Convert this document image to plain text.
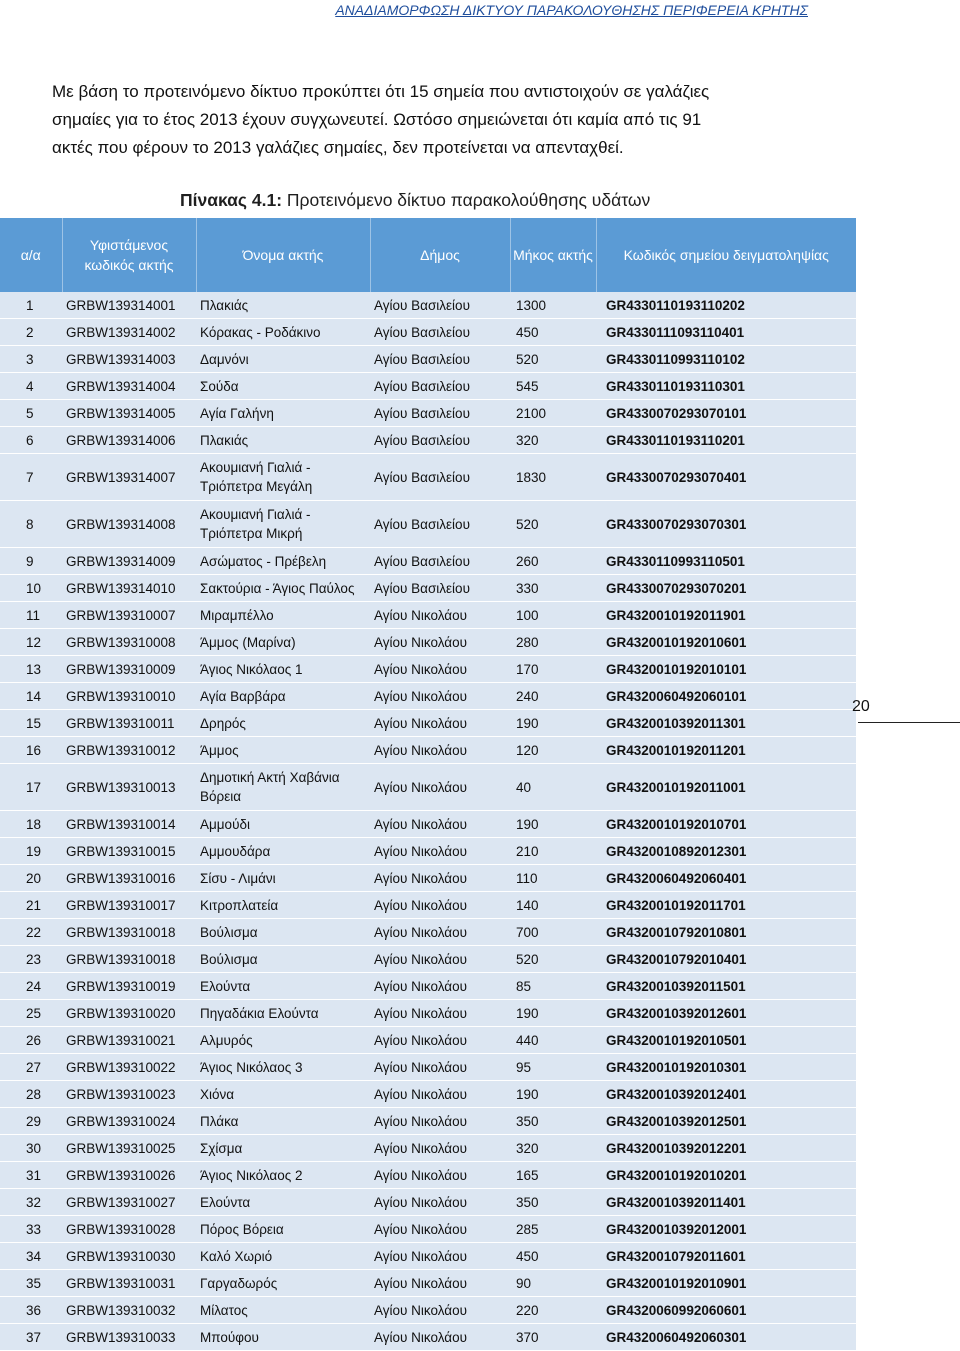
ΑΝΑΔΙΑΜΟΡΦΩΣΗ ΔΙΚΤΥΟΥ ΠΑΡΑΚΟΛΟΥΘΗΣΗΣ ΠΕΡΙΦΕΡΕΙΑ ΚΡΗΤΗΣ

Με βάση το προτεινόμενο δίκτυο προκύπτει ότι 15 σημεία που αντιστοιχούν σε γαλάζιες

σημαίες για το έτος 2013 έχουν συγχωνευτεί. Ωστόσο σημειώνεται ότι καμία από τις 91

ακτές που φέρουν το 2013 γαλάζιες σημαίες, δεν προτείνεται να απενταχθεί.

Πίνακας 4.1: Προτεινόμενο δίκτυο παρακολούθησης υδάτων
α/α	Υφιστάμενος κωδικός ακτής	Όνομα ακτής	Δήμος	Μήκος ακτής	Κωδικός σημείου δειγματοληψίας
1	GRBW139314001	Πλακιάς	Αγίου Βασιλείου	1300	GR4330110193110202
2	GRBW139314002	Κόρακας - Ροδάκινο	Αγίου Βασιλείου	450	GR4330111093110401
3	GRBW139314003	Δαμνόνι	Αγίου Βασιλείου	520	GR4330110993110102
4	GRBW139314004	Σούδα	Αγίου Βασιλείου	545	GR4330110193110301
5	GRBW139314005	Αγία Γαλήνη	Αγίου Βασιλείου	2100	GR4330070293070101
6	GRBW139314006	Πλακιάς	Αγίου Βασιλείου	320	GR4330110193110201
7	GRBW139314007	Ακουμιανή Γιαλιά - Τριόπετρα Μεγάλη	Αγίου Βασιλείου	1830	GR4330070293070401
8	GRBW139314008	Ακουμιανή Γιαλιά - Τριόπετρα Μικρή	Αγίου Βασιλείου	520	GR4330070293070301
9	GRBW139314009	Ασώματος - Πρέβελη	Αγίου Βασιλείου	260	GR4330110993110501
10	GRBW139314010	Σακτούρια - Άγιος Παύλος	Αγίου Βασιλείου	330	GR4330070293070201
11	GRBW139310007	Μιραμπέλλο	Αγίου Νικολάου	100	GR4320010192011901
12	GRBW139310008	Άμμος (Μαρίνα)	Αγίου Νικολάου	280	GR4320010192010601
13	GRBW139310009	Άγιος Νικόλαος 1	Αγίου Νικολάου	170	GR4320010192010101
14	GRBW139310010	Αγία Βαρβάρα	Αγίου Νικολάου	240	GR4320060492060101
15	GRBW139310011	Δρηρός	Αγίου Νικολάου	190	GR4320010392011301
16	GRBW139310012	Άμμος	Αγίου Νικολάου	120	GR4320010192011201
17	GRBW139310013	Δημοτική Ακτή Χαβάνια Βόρεια	Αγίου Νικολάου	40	GR4320010192011001
18	GRBW139310014	Αμμούδι	Αγίου Νικολάου	190	GR4320010192010701
19	GRBW139310015	Αμμουδάρα	Αγίου Νικολάου	210	GR4320010892012301
20	GRBW139310016	Σίσυ - Λιμάνι	Αγίου Νικολάου	110	GR4320060492060401
21	GRBW139310017	Κιτροπλατεία	Αγίου Νικολάου	140	GR4320010192011701
22	GRBW139310018	Βούλισμα	Αγίου Νικολάου	700	GR4320010792010801
23	GRBW139310018	Βούλισμα	Αγίου Νικολάου	520	GR4320010792010401
24	GRBW139310019	Ελούντα	Αγίου Νικολάου	85	GR4320010392011501
25	GRBW139310020	Πηγαδάκια Ελούντα	Αγίου Νικολάου	190	GR4320010392012601
26	GRBW139310021	Αλμυρός	Αγίου Νικολάου	440	GR4320010192010501
27	GRBW139310022	Άγιος Νικόλαος 3	Αγίου Νικολάου	95	GR4320010192010301
28	GRBW139310023	Χιόνα	Αγίου Νικολάου	190	GR4320010392012401
29	GRBW139310024	Πλάκα	Αγίου Νικολάου	350	GR4320010392012501
30	GRBW139310025	Σχίσμα	Αγίου Νικολάου	320	GR4320010392012201
31	GRBW139310026	Άγιος Νικόλαος 2	Αγίου Νικολάου	165	GR4320010192010201
32	GRBW139310027	Ελούντα	Αγίου Νικολάου	350	GR4320010392011401
33	GRBW139310028	Πόρος Βόρεια	Αγίου Νικολάου	285	GR4320010392012001
34	GRBW139310030	Καλό Χωριό	Αγίου Νικολάου	450	GR4320010792011601
35	GRBW139310031	Γαργαδωρός	Αγίου Νικολάου	90	GR4320010192010901
36	GRBW139310032	Μίλατος	Αγίου Νικολάου	220	GR4320060992060601
37	GRBW139310033	Μπούφου	Αγίου Νικολάου	370	GR4320060492060301
20
